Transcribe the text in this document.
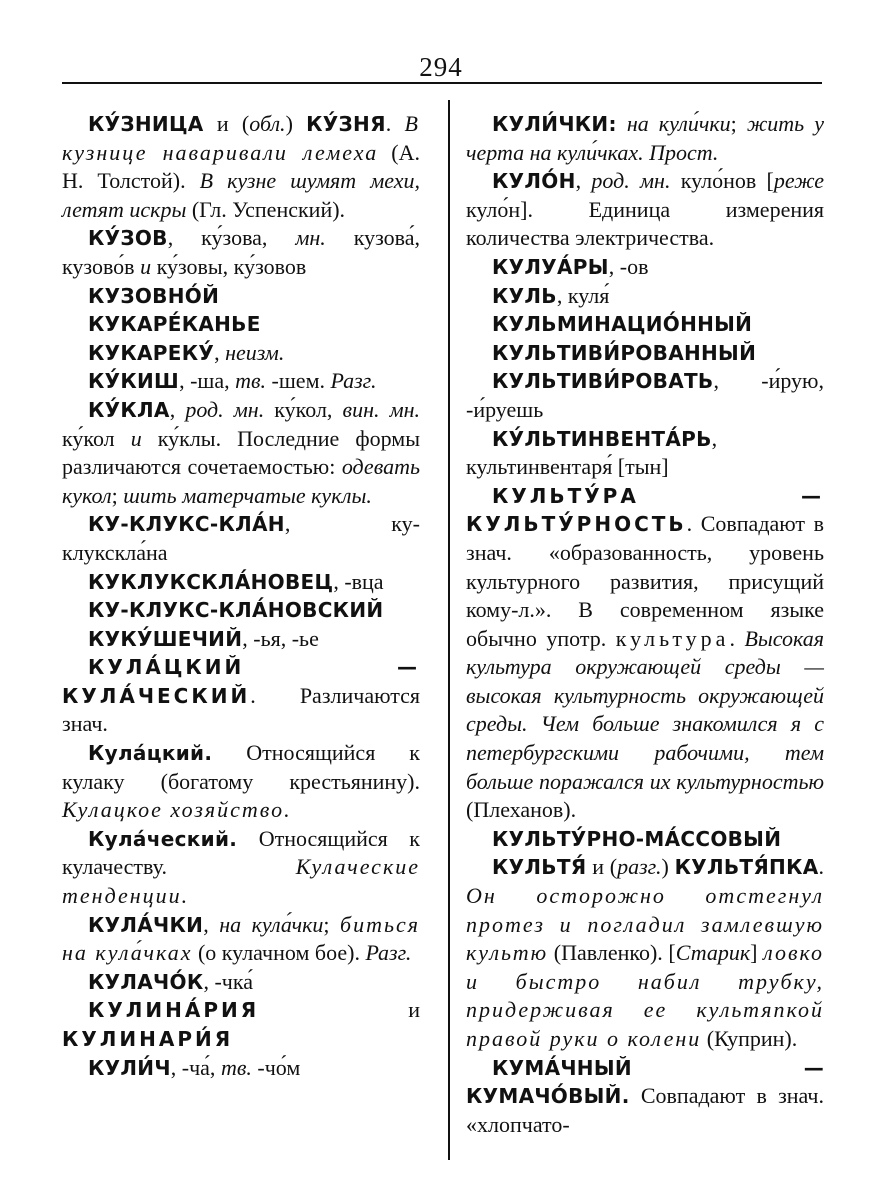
294

КУ́ЗНИЦА и (обл.) КУ́ЗНЯ. В кузнице наваривали лемеха (А. Н. Толстой). В кузне шумят мехи, летят искры (Гл. Успенский).

КУ́ЗОВ, ку́зова, мн. кузова́, кузово́в и ку́зовы, ку́зовов

КУЗОВНО́Й

КУКАРЕ́КАНЬЕ

КУКАРЕКУ́, неизм.

КУ́КИШ, -ша, тв. -шем. Разг.

КУ́КЛА, род. мн. ку́кол, вин. мн. ку́кол и ку́клы. Последние формы различаются сочетаемостью: одевать кукол; шить матерчатые куклы.

КУ-КЛУКС-КЛА́Н, ку-клукскла́на

КУКЛУКСКЛА́НОВЕЦ, -вца

КУ-КЛУКС-КЛА́НОВСКИЙ

КУКУ́ШЕЧИЙ, -ья, -ье

КУЛА́ЦКИЙ — КУЛА́ЧЕСКИЙ. Различаются знач.

Кула́цкий. Относящийся к кулаку (богатому крестьянину). Кулацкое хозяйство.

Кула́ческий. Относящийся к кулачеству. Кулаческие тенденции.

КУЛА́ЧКИ, на кула́чки; биться на кула́чках (о кулачном бое). Разг.

КУЛАЧО́К, -чка́

КУЛИНА́РИЯ и КУЛИНАРИ́Я

КУЛИ́Ч, -ча́, тв. -чо́м

КУЛИ́ЧКИ: на кули́чки; жить у черта на кули́чках. Прост.

КУЛО́Н, род. мн. куло́нов [реже куло́н]. Единица измерения количества электричества.

КУЛУА́РЫ, -ов

КУЛЬ, куля́

КУЛЬМИНАЦИО́ННЫЙ

КУЛЬТИВИ́РОВАННЫЙ

КУЛЬТИВИ́РОВАТЬ, -и́рую, -и́руешь

КУ́ЛЬТИНВЕНТА́РЬ, культинвентаря́ [тын]

КУЛЬТУ́РА — КУЛЬТУ́РНОСТЬ. Совпадают в знач. «образованность, уровень культурного развития, присущий кому-л.». В современном языке обычно употр. культура. Высокая культура окружающей среды — высокая культурность окружающей среды. Чем больше знакомился я с петербургскими рабочими, тем больше поражался их культурностью (Плеханов).

КУЛЬТУ́РНО-МА́ССОВЫЙ

КУЛЬТЯ́ и (разг.) КУЛЬТЯ́ПКА. Он осторожно отстегнул протез и погладил замлевшую культю (Павленко). [Старик] ловко и быстро набил трубку, придерживая ее культяпкой правой руки о колени (Куприн).

КУМА́ЧНЫЙ — КУМАЧО́ВЫЙ. Совпадают в знач. «хлопчато-
